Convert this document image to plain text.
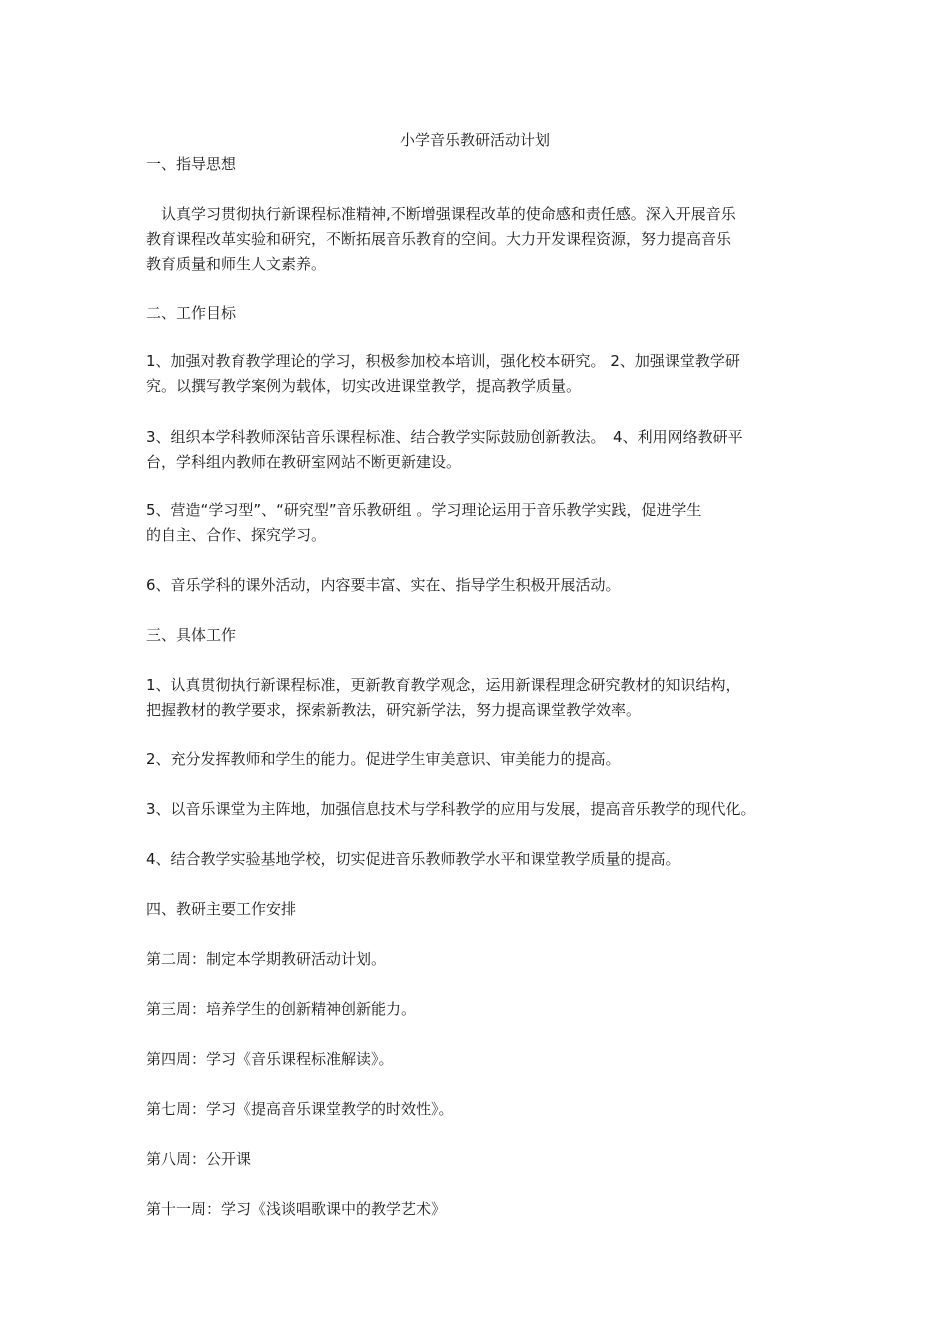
小学音乐教研活动计划
一、指导思想
　认真学习贯彻执行新课程标准精神,不断增强课程改革的使命感和责任感。深入开展音乐
教育课程改革实验和研究，不断拓展音乐教育的空间。大力开发课程资源，努力提高音乐
教育质量和师生人文素养。
二、工作目标
1、加强对教育教学理论的学习，积极参加校本培训，强化校本研究。 2、加强课堂教学研
究。以撰写教学案例为载体，切实改进课堂教学，提高教学质量。
3、组织本学科教师深钻音乐课程标准、结合教学实际鼓励创新教法。　4、利用网络教研平
台，学科组内教师在教研室网站不断更新建设。
5、营造“学习型”、“研究型”音乐教研组 。学习理论运用于音乐教学实践，促进学生
的自主、合作、探究学习。
6、音乐学科的课外活动，内容要丰富、实在、指导学生积极开展活动。
三、具体工作
1、认真贯彻执行新课程标准，更新教育教学观念，运用新课程理念研究教材的知识结构，
把握教材的教学要求，探索新教法，研究新学法，努力提高课堂教学效率。
2、充分发挥教师和学生的能力。促进学生审美意识、审美能力的提高。
3、以音乐课堂为主阵地，加强信息技术与学科教学的应用与发展，提高音乐教学的现代化。
4、结合教学实验基地学校，切实促进音乐教师教学水平和课堂教学质量的提高。
四、教研主要工作安排
第二周：制定本学期教研活动计划。
第三周：培养学生的创新精神创新能力。
第四周：学习《音乐课程标准解读》。
第七周：学习《提高音乐课堂教学的时效性》。
第八周：公开课
第十一周：学习《浅谈唱歌课中的教学艺术》
